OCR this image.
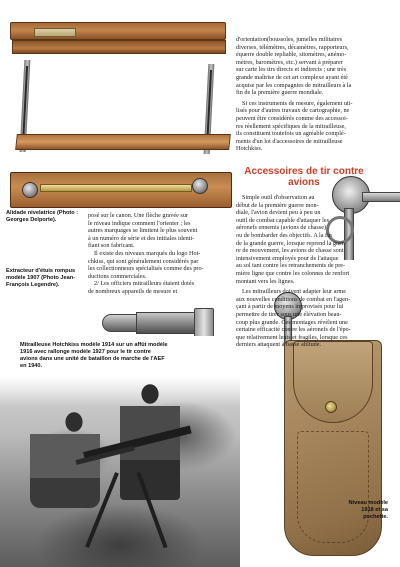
Alidade nivelatrice (Photo : Georges Delporte).
Extracteur d'étuis rompus modèle 1907 (Photo Jean-François Legendre).
Mitrailleuse Hotchkiss modèle 1914 sur un affût modèle 1916 avec rallonge modèle 1927 pour le tir contre avions dans une unité de bataillon de marche de l'AEF en 1940.
Niveau modèle 1918 et sa pochette.
posé sur le canon. Une flèche gravée sur
le niveau indique comment l'orienter ; les
autres marquages se limitent le plus souvent
à un numéro de série et des initiales identi-
fiant son fabricant.
Il existe des niveaux marqués du logo Hot-
chkiss, qui sont généralement considérés par
les collectionneurs spécialisés comme des pro-
ductions commerciales.
2/ Les officiers mitrailleurs étaient dotés
de nombreux appareils de mesure et
d'orientation(boussoles, jumelles militaires
diverses, télémètres, décamètres, rapporteurs,
équerre double repliable, sitomètres, anémo-
mètres, baromètres, etc.) servant à préparer
sur carte les tirs directs et indirects ; une très
grande maîtrise de cet art complexe ayant été
acquise par les compagnies de mitrailleurs à la
fin de la première guerre mondiale.
Si ces instruments de mesure, également uti-
lisés pour d'autres travaux de cartographie, ne
peuvent être considérés comme des accessoi-
res réellement spécifiques de la mitrailleuse,
ils constituent toutefois un agréable complé-
ments d'un lot d'accessoires de mitrailleuse
Hotchkiss.
Accessoires de tir contre
avions
Simple outil d'observation au
début de la première guerre mon-
diale, l'avion devient peu à peu un
outil de combat capable d'attaquer les
aéronefs ennemis (avions de chasse)
ou de bombarder des objectifs. A la fin
de la grande guerre, lorsque reprend la guer-
re de mouvement, les avions de chasse sont
intensivement employés pour de l'attaque
au sol tant contre les retranchements de pre-
mière ligne que contre les colonnes de renfort
montant vers les lignes.
Les mitrailleurs doivent adapter leur arme
aux nouvelles conditions de combat en l'agen-
çant à partir de moyens improvisés pour lui
permettre de tirer sous une élévation beau-
coup plus grande. Ces montages révèlent une
certaine efficacité contre les aéronefs de l'épo-
que relativement lents et fragiles, lorsque ces
derniers attaquent à basse altitude.
